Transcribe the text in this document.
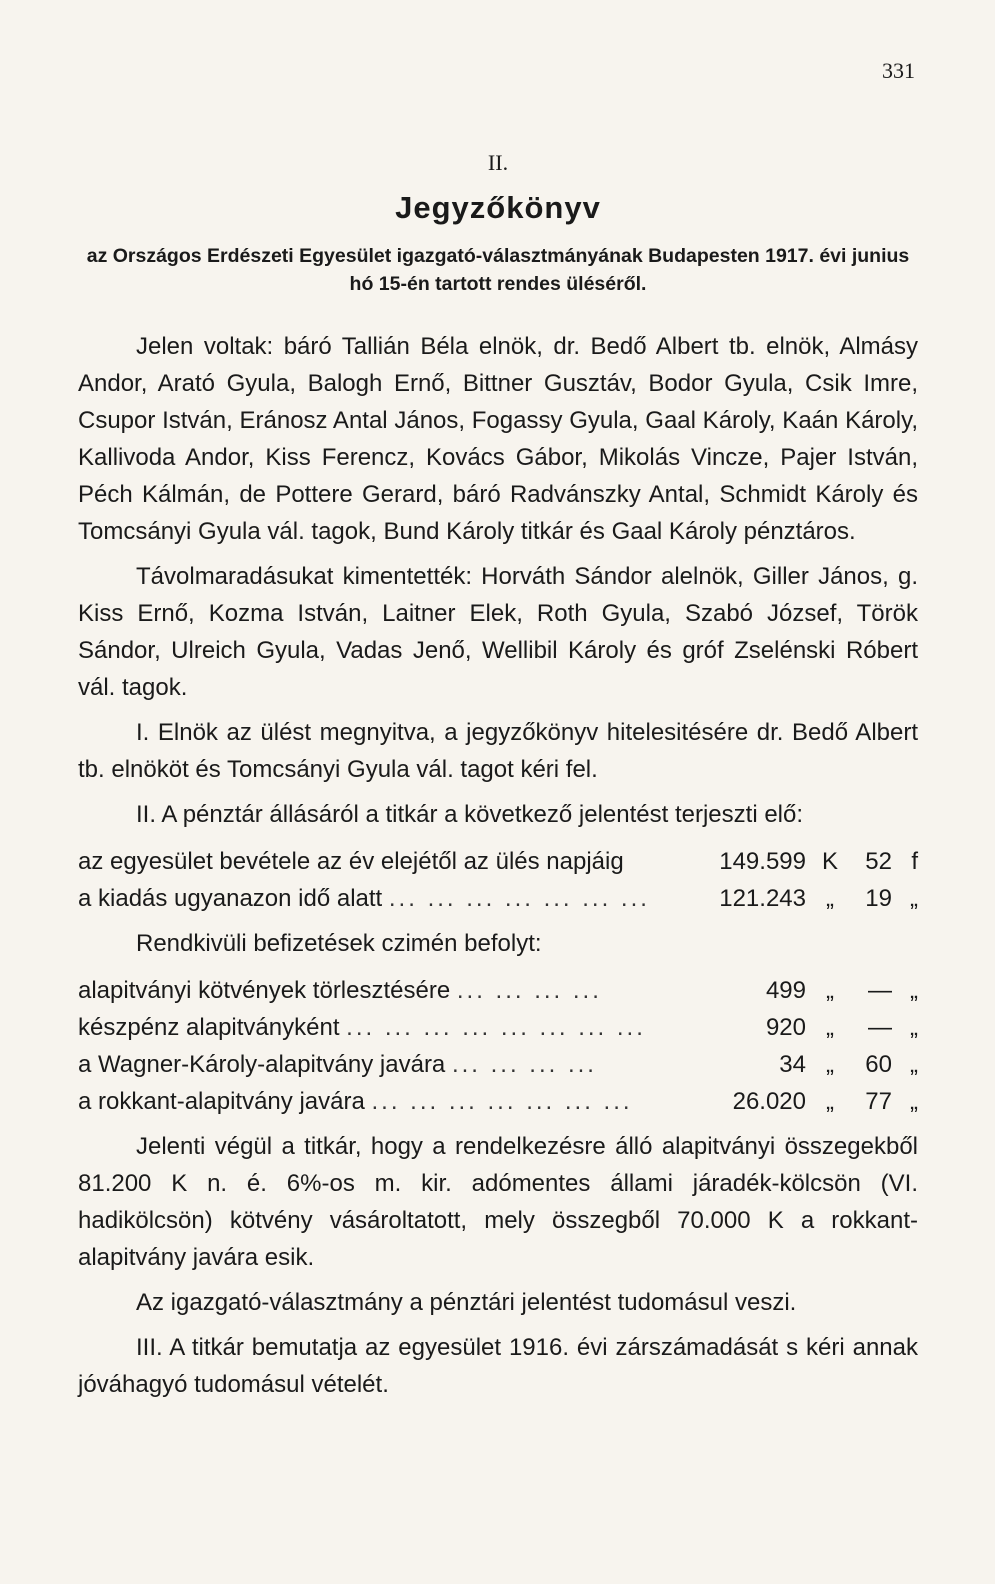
331
II.
Jegyzőkönyv
az Országos Erdészeti Egyesület igazgató-választmányának Budapesten 1917. évi junius hó 15-én tartott rendes üléséről.

Jelen voltak: báró Tallián Béla elnök, dr. Bedő Albert tb. elnök, Almásy Andor, Arató Gyula, Balogh Ernő, Bittner Gusztáv, Bodor Gyula, Csik Imre, Csupor István, Eránosz Antal János, Fogassy Gyula, Gaal Károly, Kaán Károly, Kallivoda Andor, Kiss Ferencz, Kovács Gábor, Mikolás Vincze, Pajer István, Péch Kálmán, de Pottere Gerard, báró Radvánszky Antal, Schmidt Károly és Tomcsányi Gyula vál. tagok, Bund Károly titkár és Gaal Károly pénztáros.

Távolmaradásukat kimentették: Horváth Sándor alelnök, Giller János, g. Kiss Ernő, Kozma István, Laitner Elek, Roth Gyula, Szabó József, Török Sándor, Ulreich Gyula, Vadas Jenő, Wellibil Károly és gróf Zselénski Róbert vál. tagok.

I. Elnök az ülést megnyitva, a jegyzőkönyv hitelesitésére dr. Bedő Albert tb. elnököt és Tomcsányi Gyula vál. tagot kéri fel.

II. A pénztár állásáról a titkár a következő jelentést terjeszti elő:

az egyesület bevétele az év elejétől az ülés napjáig	149.599 K	52 f
a kiadás ugyanazon idő alatt ... ... ... ... ... ... ...	121.243 „	19 „

Rendkivüli befizetések czimén befolyt:

alapitványi kötvények törlesztésére ... ... ... ...	499 „	— „
készpénz alapitványként ... ... ... ... ... ... ... ...	920 „	— „
a Wagner-Károly-alapitvány javára ... ... ... ...	34 „	60 „
a rokkant-alapitvány javára ... ... ... ... ... ... ...	26.020 „	77 „

Jelenti végül a titkár, hogy a rendelkezésre álló alapitványi összegekből 81.200 K n. é. 6%-os m. kir. adómentes állami járadék-kölcsön (VI. hadikölcsön) kötvény vásároltatott, mely összegből 70.000 K a rokkant-alapitvány javára esik.

Az igazgató-választmány a pénztári jelentést tudomásul veszi.

III. A titkár bemutatja az egyesület 1916. évi zárszámadását s kéri annak jóváhagyó tudomásul vételét.
